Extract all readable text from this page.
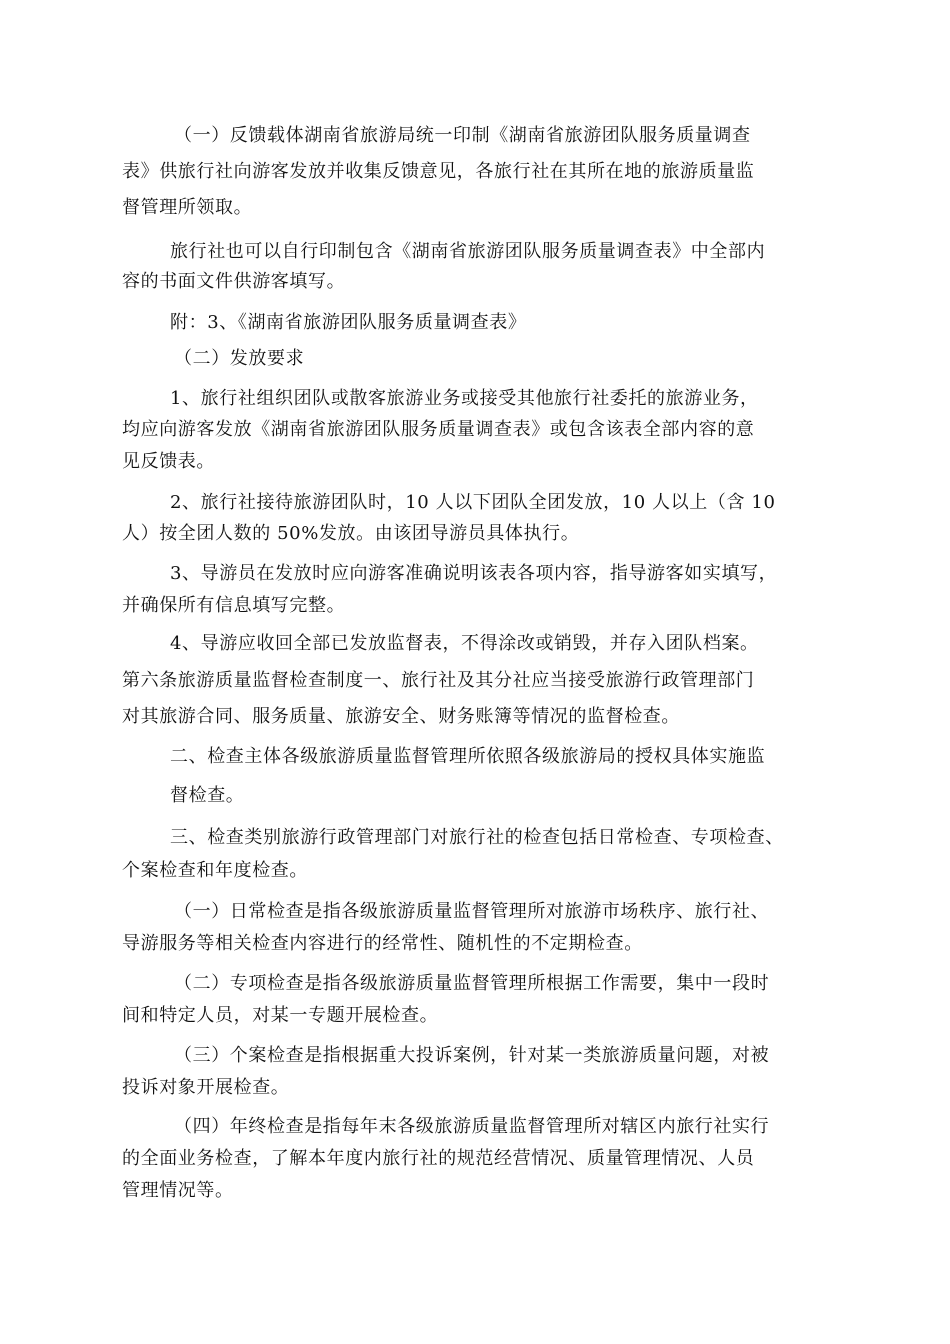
（一）反馈载体湖南省旅游局统一印制《湖南省旅游团队服务质量调查
表》供旅行社向游客发放并收集反馈意见，各旅行社在其所在地的旅游质量监
督管理所领取。
旅行社也可以自行印制包含《湖南省旅游团队服务质量调查表》中全部内
容的书面文件供游客填写。
附：3、《湖南省旅游团队服务质量调查表》
（二）发放要求
1、旅行社组织团队或散客旅游业务或接受其他旅行社委托的旅游业务，
均应向游客发放《湖南省旅游团队服务质量调查表》或包含该表全部内容的意
见反馈表。
2、旅行社接待旅游团队时，10 人以下团队全团发放，10 人以上（含 10
人）按全团人数的 50%发放。由该团导游员具体执行。
3、导游员在发放时应向游客准确说明该表各项内容，指导游客如实填写，
并确保所有信息填写完整。
4、导游应收回全部已发放监督表，不得涂改或销毁，并存入团队档案。
第六条旅游质量监督检查制度一、旅行社及其分社应当接受旅游行政管理部门
对其旅游合同、服务质量、旅游安全、财务账簿等情况的监督检查。
二、检查主体各级旅游质量监督管理所依照各级旅游局的授权具体实施监
督检查。
三、检查类别旅游行政管理部门对旅行社的检查包括日常检查、专项检查、
个案检查和年度检查。
（一）日常检查是指各级旅游质量监督管理所对旅游市场秩序、旅行社、
导游服务等相关检查内容进行的经常性、随机性的不定期检查。
（二）专项检查是指各级旅游质量监督管理所根据工作需要，集中一段时
间和特定人员，对某一专题开展检查。
（三）个案检查是指根据重大投诉案例，针对某一类旅游质量问题，对被
投诉对象开展检查。
（四）年终检查是指每年末各级旅游质量监督管理所对辖区内旅行社实行
的全面业务检查，了解本年度内旅行社的规范经营情况、质量管理情况、人员
管理情况等。
